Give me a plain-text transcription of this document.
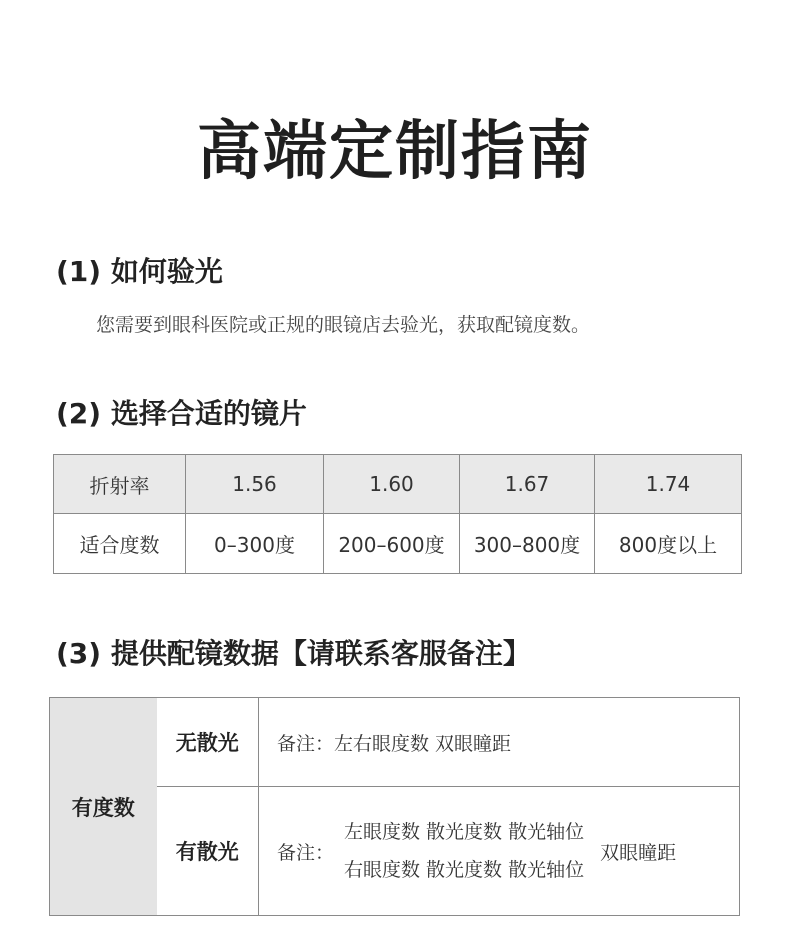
高端定制指南
(1) 如何验光
您需要到眼科医院或正规的眼镜店去验光，获取配镜度数。
(2) 选择合适的镜片
折射率	1.56	1.60	1.67	1.74
适合度数	0–300度	200–600度	300–800度	800度以上
(3) 提供配镜数据【请联系客服备注】
有度数	无散光	备注：左右眼度数 双眼瞳距

	有散光	备注：
左眼度数 散光度数 散光轴位
右眼度数 散光度数 散光轴位
双眼瞳距
